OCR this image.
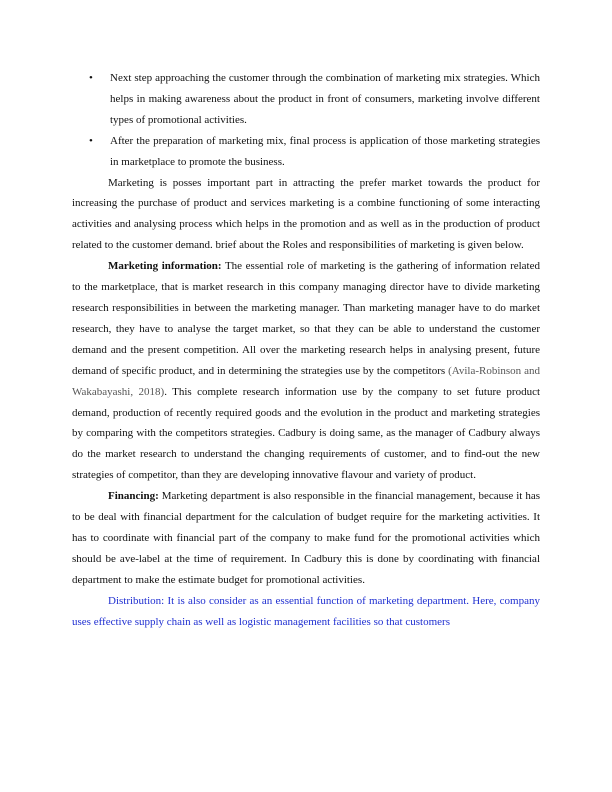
• Next step approaching the customer through the combination of marketing mix strategies. Which helps in making awareness about the product in front of consumers, marketing involve different types of promotional activities.
• After the preparation of marketing mix, final process is application of those marketing strategies in marketplace to promote the business.

Marketing is posses important part in attracting the prefer market towards the product for increasing the purchase of product and services marketing is a combine functioning of some interacting activities and analysing process which helps in the promotion and as well as in the production of product related to the customer demand. brief about the Roles and responsibilities of marketing is given below.

Marketing information: The essential role of marketing is the gathering of information related to the marketplace, that is market research in this company managing director have to divide marketing research responsibilities in between the marketing manager. Than marketing manager have to do market research, they have to analyse the target market, so that they can be able to understand the customer demand and the present competition. All over the marketing research helps in analysing present, future demand of specific product, and in determining the strategies use by the competitors (Avila-Robinson and Wakabayashi, 2018). This complete research information use by the company to set future product demand, production of recently required goods and the evolution in the product and marketing strategies by comparing with the competitors strategies. Cadbury is doing same, as the manager of Cadbury always do the market research to understand the changing requirements of customer, and to find-out the new strategies of competitor, than they are developing innovative flavour and variety of product.

Financing: Marketing department is also responsible in the financial management, because it has to be deal with financial department for the calculation of budget require for the marketing activities. It has to coordinate with financial part of the company to make fund for the promotional activities which should be ave-label at the time of requirement. In Cadbury this is done by coordinating with financial department to make the estimate budget for promotional activities.

Distribution: It is also consider as an essential function of marketing department. Here, company uses effective supply chain as well as logistic management facilities so that customers
